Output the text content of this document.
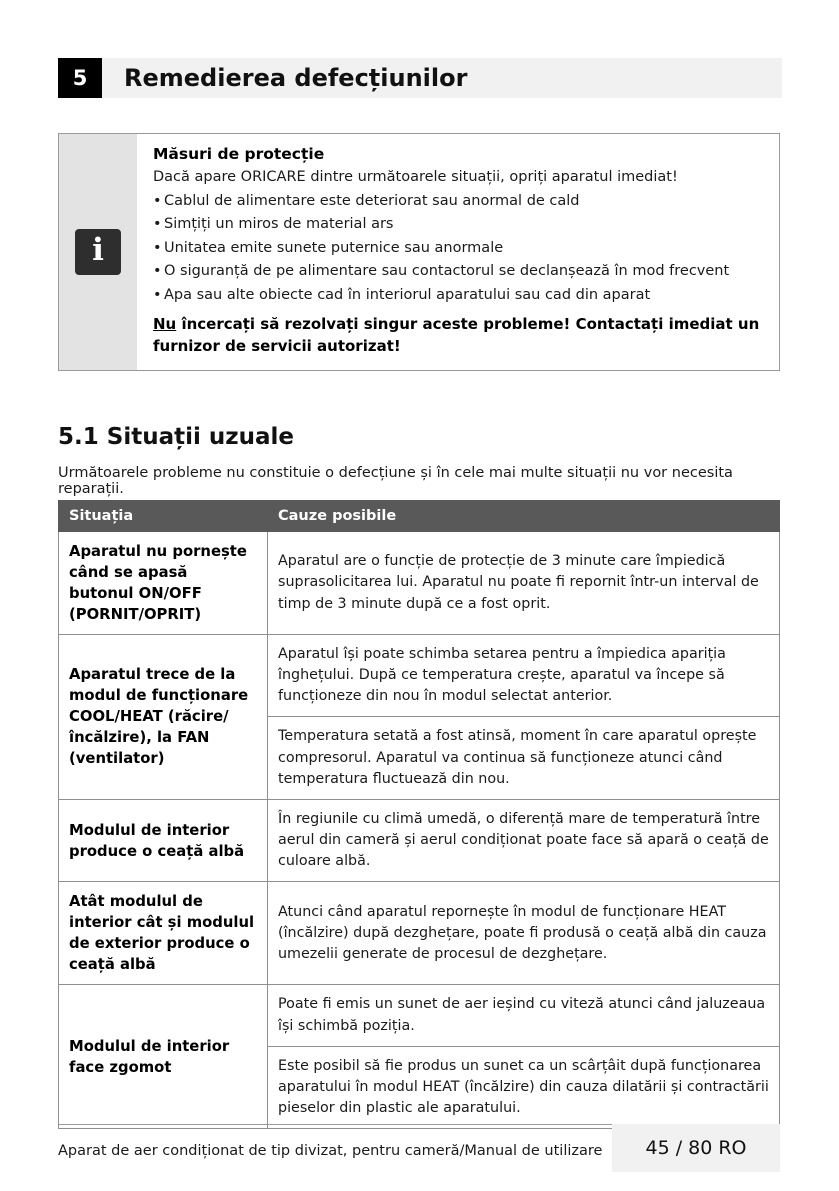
5	Remedierea defecțiunilor
i
Măsuri de protecție
Dacă apare ORICARE dintre următoarele situații, opriți aparatul imediat!
• Cablul de alimentare este deteriorat sau anormal de cald
• Simțiți un miros de material ars
• Unitatea emite sunete puternice sau anormale
• O siguranță de pe alimentare sau contactorul se declanșează în mod frecvent
• Apa sau alte obiecte cad în interiorul aparatului sau cad din aparat
Nu încercați să rezolvați singur aceste probleme! Contactați imediat un furnizor de servicii autorizat!
5.1 Situații uzuale
Următoarele probleme nu constituie o defecțiune și în cele mai multe situații nu vor necesita reparații.
Situația	Cauze posibile
Aparatul nu pornește când se apasă butonul ON/OFF (PORNIT/OPRIT)	Aparatul are o funcție de protecție de 3 minute care împiedică suprasolicitarea lui. Aparatul nu poate fi repornit într-un interval de timp de 3 minute după ce a fost oprit.
Aparatul trece de la modul de funcționare COOL/HEAT (răcire/încălzire), la FAN (ventilator)	Aparatul își poate schimba setarea pentru a împiedica apariția înghețului. După ce temperatura crește, aparatul va începe să funcționeze din nou în modul selectat anterior.
	Temperatura setată a fost atinsă, moment în care aparatul oprește compresorul. Aparatul va continua să funcționeze atunci când temperatura fluctuează din nou.
Modulul de interior produce o ceață albă	În regiunile cu climă umedă, o diferență mare de temperatură între aerul din cameră și aerul condiționat poate face să apară o ceață de culoare albă.
Atât modulul de interior cât și modulul de exterior produce o ceață albă	Atunci când aparatul repornește în modul de funcționare HEAT (încălzire) după dezghețare, poate fi produsă o ceață albă din cauza umezelii generate de procesul de dezghețare.
Modulul de interior face zgomot	Poate fi emis un sunet de aer ieșind cu viteză atunci când jaluzeaua își schimbă poziția.
	Este posibil să fie produs un sunet ca un scârțâit după funcționarea aparatului în modul HEAT (încălzire) din cauza dilatării și contractării pieselor din plastic ale aparatului.
Aparat de aer condiționat de tip divizat, pentru cameră/Manual de utilizare	45 / 80 RO
